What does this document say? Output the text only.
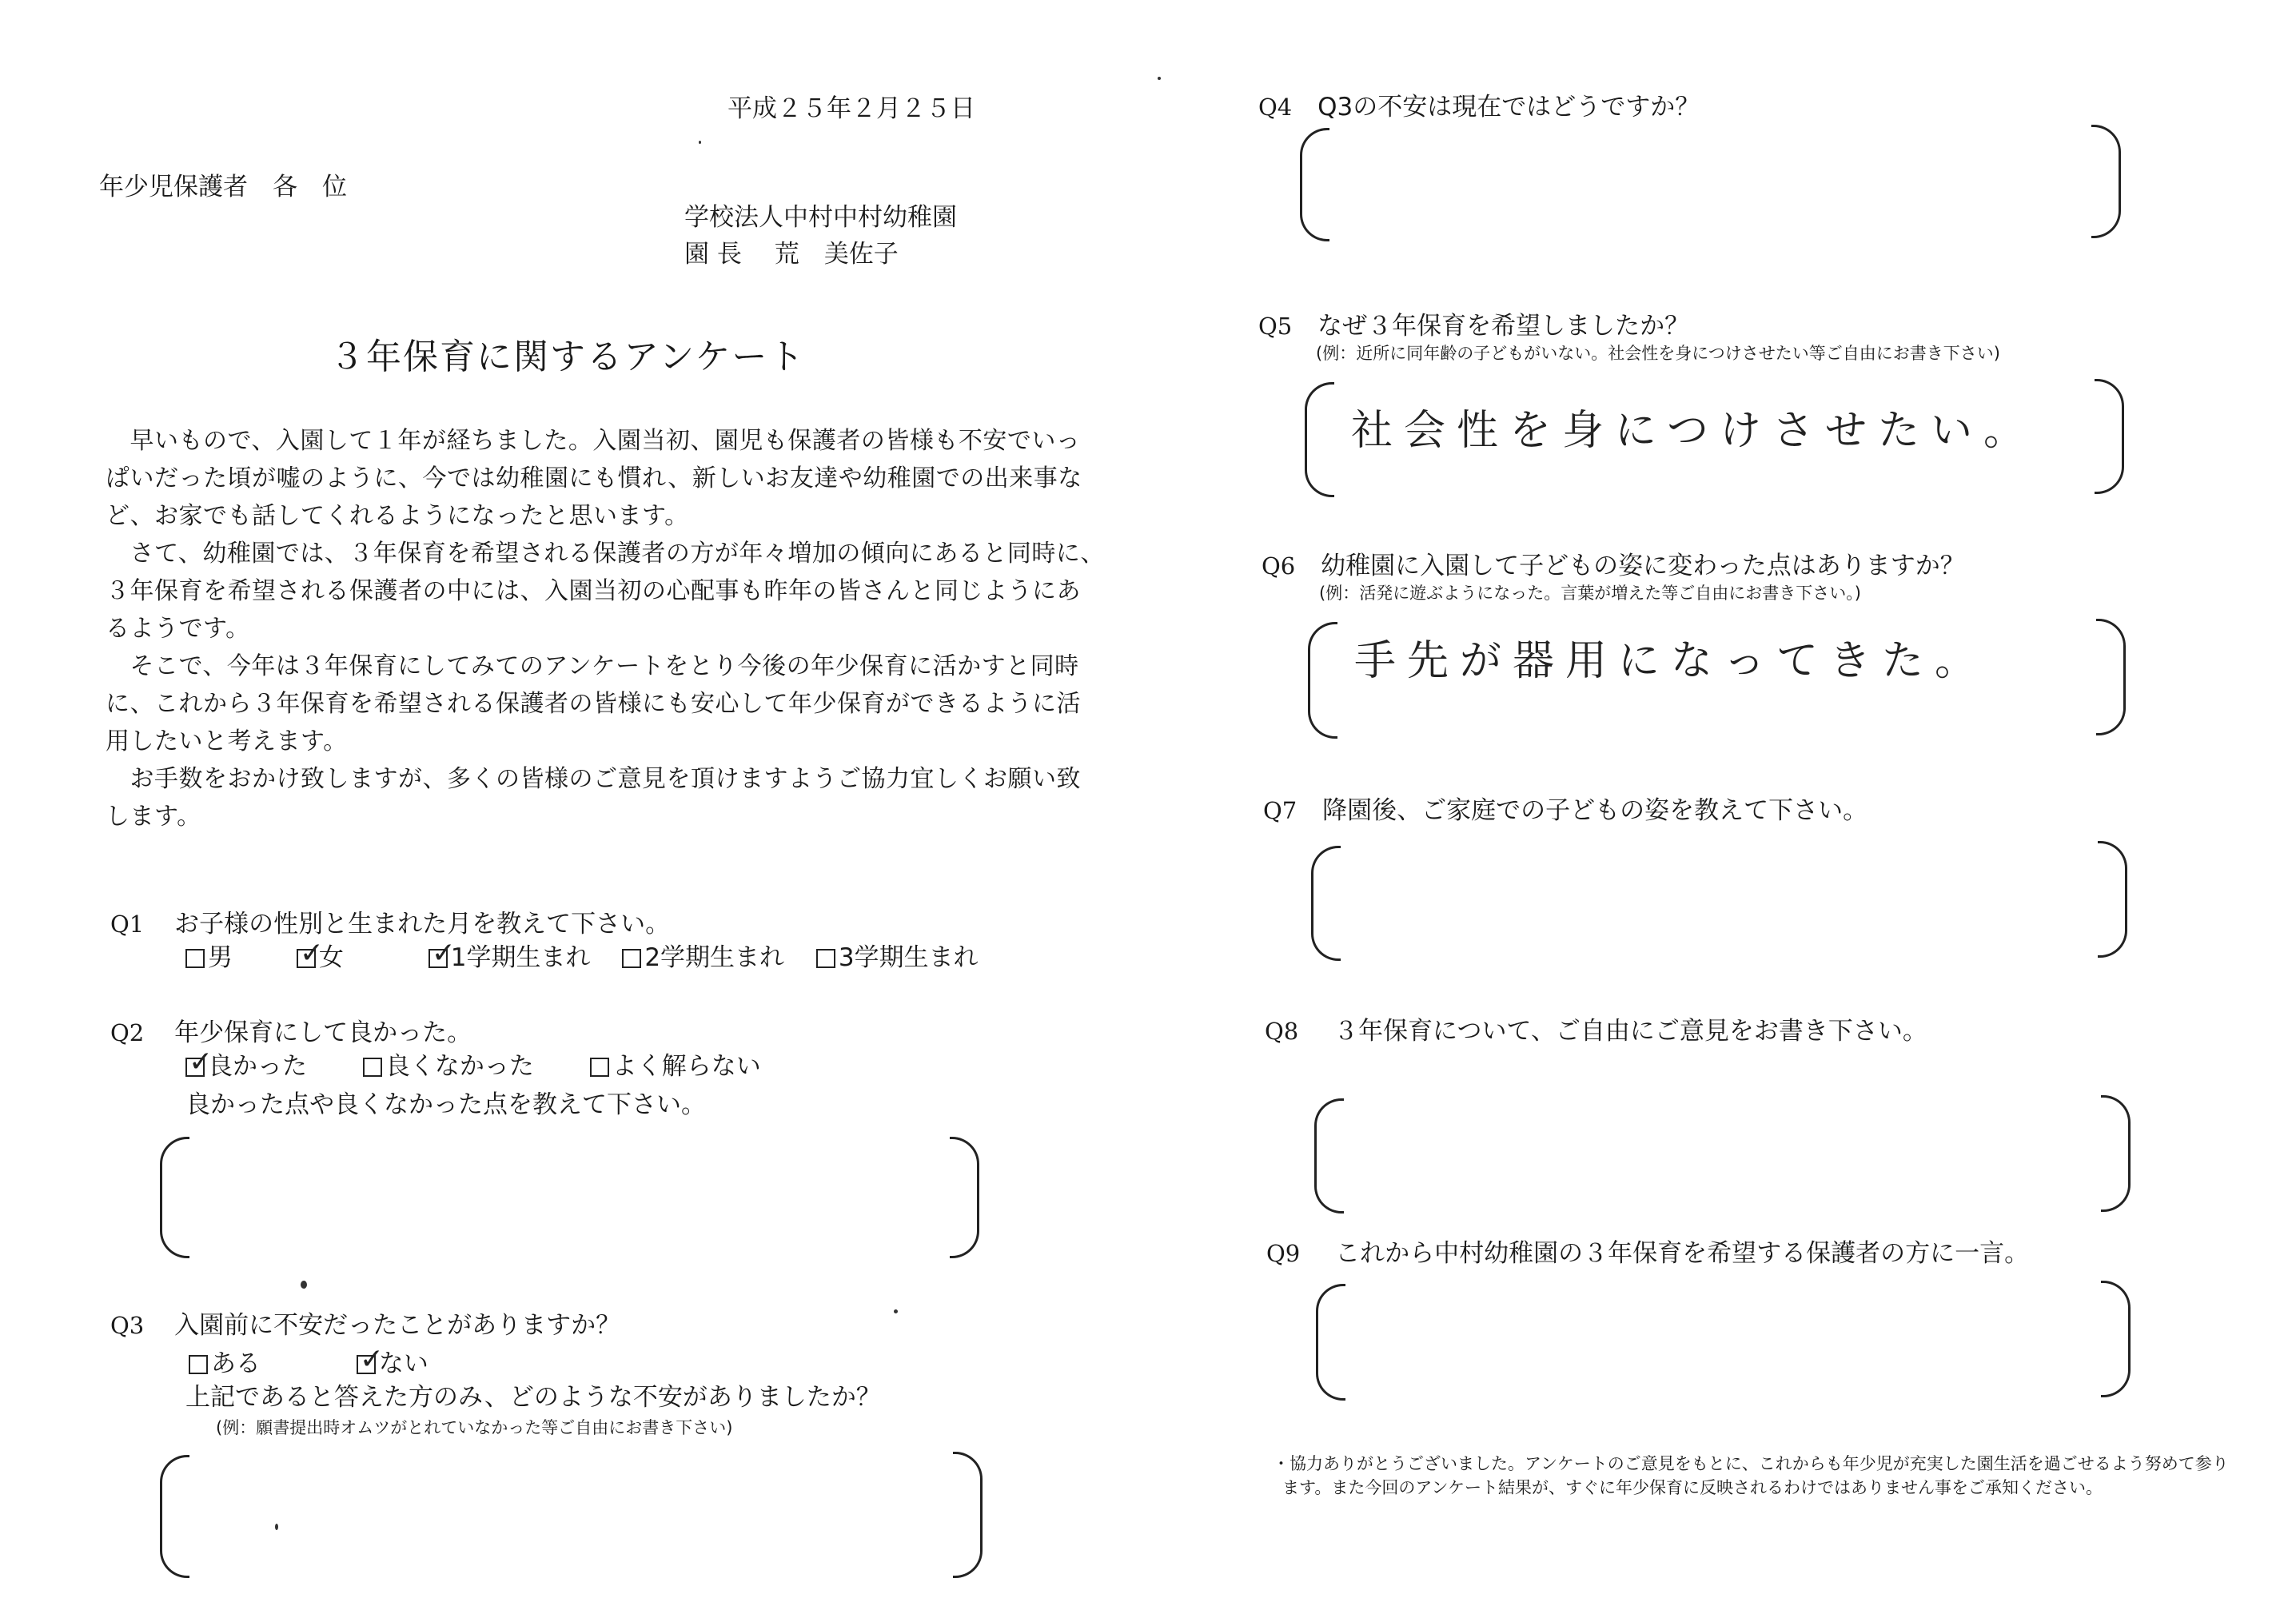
平成２５年２月２５日
年少児保護者　各　位
学校法人中村中村幼稚園
園 長　 荒　美佐子
３年保育に関するアンケート
　早いもので、入園して１年が経ちました。入園当初、園児も保護者の皆様も不安でいっ
ぱいだった頃が嘘のように、今では幼稚園にも慣れ、新しいお友達や幼稚園での出来事な
ど、お家でも話してくれるようになったと思います。
　さて、幼稚園では、３年保育を希望される保護者の方が年々増加の傾向にあると同時に、
３年保育を希望される保護者の中には、入園当初の心配事も昨年の皆さんと同じようにあ
るようです。
　そこで、今年は３年保育にしてみてのアンケートをとり今後の年少保育に活かすと同時
に、これから３年保育を希望される保護者の皆様にも安心して年少保育ができるように活
用したいと考えます。
　お手数をおかけ致しますが、多くの皆様のご意見を頂けますようご協力宜しくお願い致
します。
Q1 お子様の性別と生まれた月を教えて下さい。
男 ✓
女	✓
1学期生まれ 2学期生まれ 3学期生まれ
Q2 年少保育にして良かった。
✓
良かった	良くなかった	よく解らない
良かった点や良くなかった点を教えて下さい。
Q3 入園前に不安だったことがありますか？
ある	✓
ない
上記であると答えた方のみ、どのような不安がありましたか？
(例：願書提出時オムツがとれていなかった等ご自由にお書き下さい)
Q4 Q3の不安は現在ではどうですか？
Q5 なぜ３年保育を希望しましたか？
(例：近所に同年齢の子どもがいない。社会性を身につけさせたい等ご自由にお書き下さい)
社会性を身につけさせたい。
Q6 幼稚園に入園して子どもの姿に変わった点はありますか？
(例：活発に遊ぶようになった。言葉が増えた等ご自由にお書き下さい。)
手先が器用になってきた。
Q7 降園後、ご家庭での子どもの姿を教えて下さい。
Q8 ３年保育について、ご自由にご意見をお書き下さい。
Q9 これから中村幼稚園の３年保育を希望する保護者の方に一言。
・協力ありがとうございました。アンケートのご意見をもとに、これからも年少児が充実した園生活を過ごせるよう努めて参り
ます。また今回のアンケート結果が、すぐに年少保育に反映されるわけではありません事をご承知ください。
